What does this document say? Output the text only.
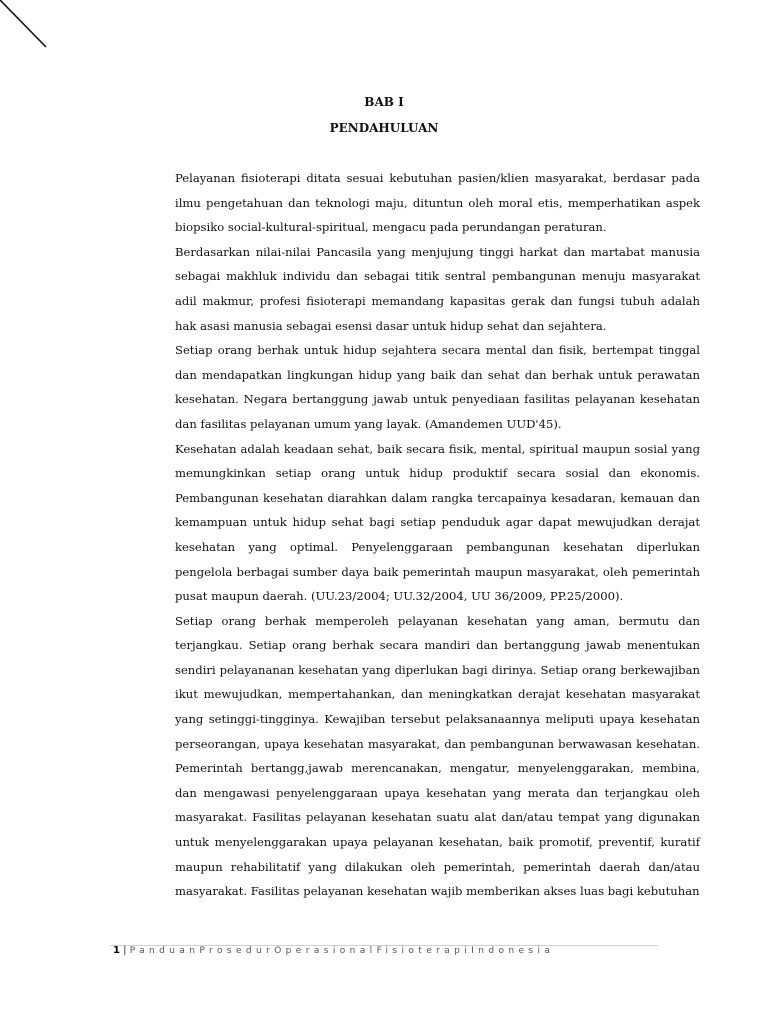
BAB I
PENDAHULUAN

Pelayanan fisioterapi ditata sesuai kebutuhan pasien/klien masyarakat, berdasar pada ilmu pengetahuan dan teknologi maju, dituntun oleh moral etis, memperhatikan aspek biopsiko social-kultural-spiritual, mengacu pada perundangan peraturan.

Berdasarkan nilai-nilai Pancasila yang menjujung tinggi harkat dan martabat manusia sebagai makhluk individu dan sebagai titik sentral pembangunan menuju masyarakat adil makmur, profesi fisioterapi memandang kapasitas gerak dan fungsi tubuh adalah hak asasi manusia sebagai esensi dasar untuk hidup sehat dan sejahtera.

Setiap orang berhak untuk hidup sejahtera secara mental dan fisik, bertempat tinggal dan mendapatkan lingkungan hidup yang baik dan sehat dan berhak untuk perawatan kesehatan. Negara bertanggung jawab untuk penyediaan fasilitas pelayanan kesehatan dan fasilitas pelayanan umum yang layak. (Amandemen UUD'45).

Kesehatan adalah keadaan sehat, baik secara fisik, mental, spiritual maupun sosial yang memungkinkan setiap orang untuk hidup produktif secara sosial dan ekonomis. Pembangunan kesehatan diarahkan dalam rangka tercapainya kesadaran, kemauan dan kemampuan untuk hidup sehat bagi setiap penduduk agar dapat mewujudkan derajat kesehatan yang optimal. Penyelenggaraan pembangunan kesehatan diperlukan pengelola berbagai sumber daya baik pemerintah maupun masyarakat, oleh pemerintah pusat maupun daerah. (UU.23/2004; UU.32/2004, UU 36/2009, PP.25/2000).

Setiap orang berhak memperoleh pelayanan kesehatan yang aman, bermutu dan terjangkau. Setiap orang berhak secara mandiri dan bertanggung jawab menentukan sendiri pelayananan kesehatan yang diperlukan bagi dirinya. Setiap orang berkewajiban ikut mewujudkan, mempertahankan, dan meningkatkan derajat kesehatan masyarakat yang setinggi-tingginya. Kewajiban tersebut pelaksanaannya meliputi upaya kesehatan perseorangan, upaya kesehatan masyarakat, dan pembangunan berwawasan kesehatan. Pemerintah bertangg,jawab merencanakan, mengatur, menyelenggarakan, membina, dan mengawasi penyelenggaraan upaya kesehatan yang merata dan terjangkau oleh masyarakat. Fasilitas pelayanan kesehatan suatu alat dan/atau tempat yang digunakan untuk menyelenggarakan upaya pelayanan kesehatan, baik promotif, preventif, kuratif maupun rehabilitatif yang dilakukan oleh pemerintah, pemerintah daerah dan/atau masyarakat. Fasilitas pelayanan kesehatan wajib memberikan akses luas bagi kebutuhan

1 | PanduanProsedurOperasionalFisioterapiIndonesia
